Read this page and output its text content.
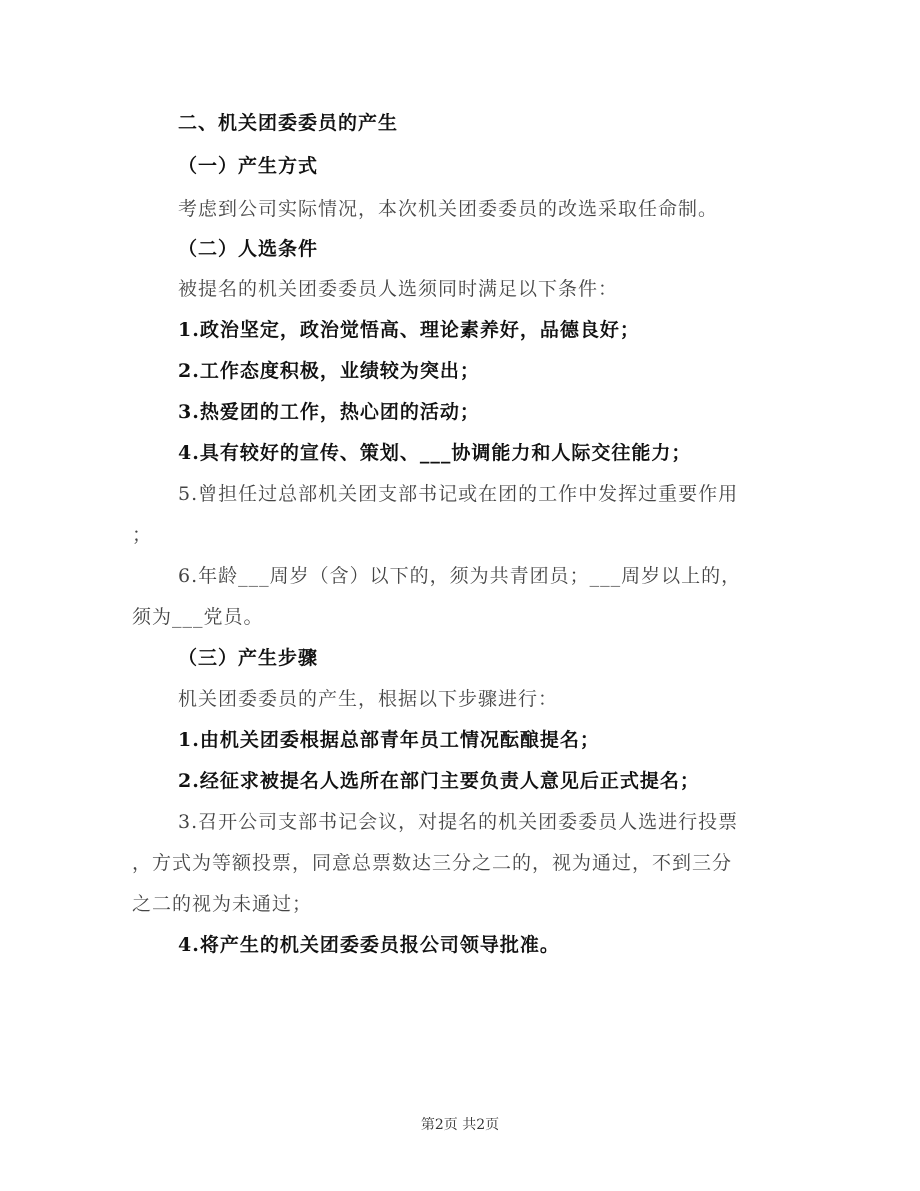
二、机关团委委员的产生
（一）产生方式
考虑到公司实际情况，本次机关团委委员的改选采取任命制。
（二）人选条件
被提名的机关团委委员人选须同时满足以下条件：
1.政治坚定，政治觉悟高、理论素养好，品德良好；
2.工作态度积极，业绩较为突出；
3.热爱团的工作，热心团的活动；
4.具有较好的宣传、策划、___协调能力和人际交往能力；
5.曾担任过总部机关团支部书记或在团的工作中发挥过重要作用
；
6.年龄___周岁（含）以下的，须为共青团员；___周岁以上的，
须为___党员。
（三）产生步骤
机关团委委员的产生，根据以下步骤进行：
1.由机关团委根据总部青年员工情况酝酿提名；
2.经征求被提名人选所在部门主要负责人意见后正式提名；
3.召开公司支部书记会议，对提名的机关团委委员人选进行投票
，方式为等额投票，同意总票数达三分之二的，视为通过，不到三分
之二的视为未通过；
4.将产生的机关团委委员报公司领导批准。
第2页 共2页
